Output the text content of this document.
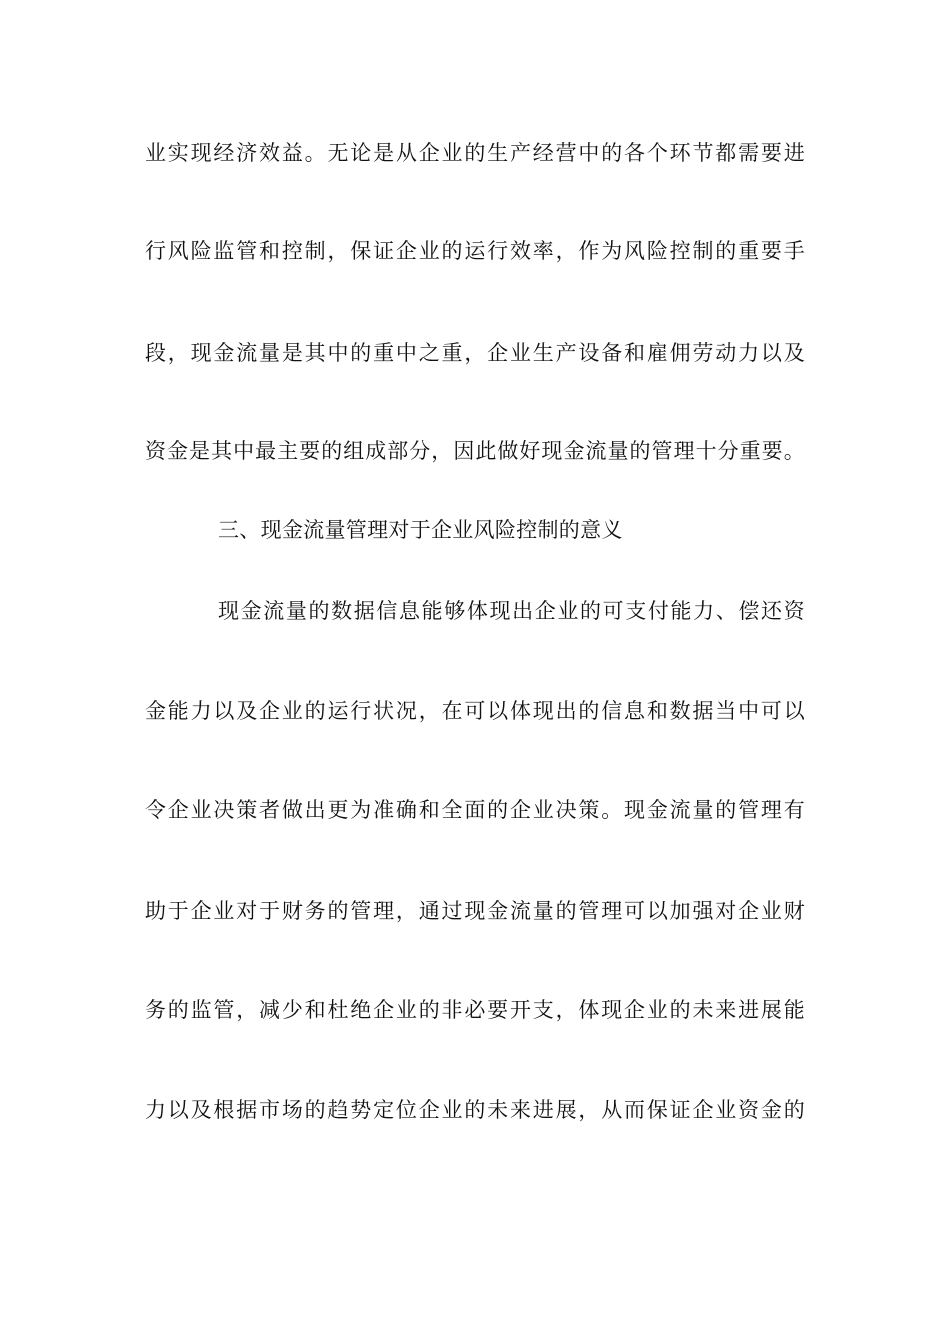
业实现经济效益。无论是从企业的生产经营中的各个环节都需要进
行风险监管和控制，保证企业的运行效率，作为风险控制的重要手
段，现金流量是其中的重中之重，企业生产设备和雇佣劳动力以及
资金是其中最主要的组成部分，因此做好现金流量的管理十分重要。
三、现金流量管理对于企业风险控制的意义
现金流量的数据信息能够体现出企业的可支付能力、偿还资
金能力以及企业的运行状况，在可以体现出的信息和数据当中可以
令企业决策者做出更为准确和全面的企业决策。现金流量的管理有
助于企业对于财务的管理，通过现金流量的管理可以加强对企业财
务的监管，减少和杜绝企业的非必要开支，体现企业的未来进展能
力以及根据市场的趋势定位企业的未来进展，从而保证企业资金的
